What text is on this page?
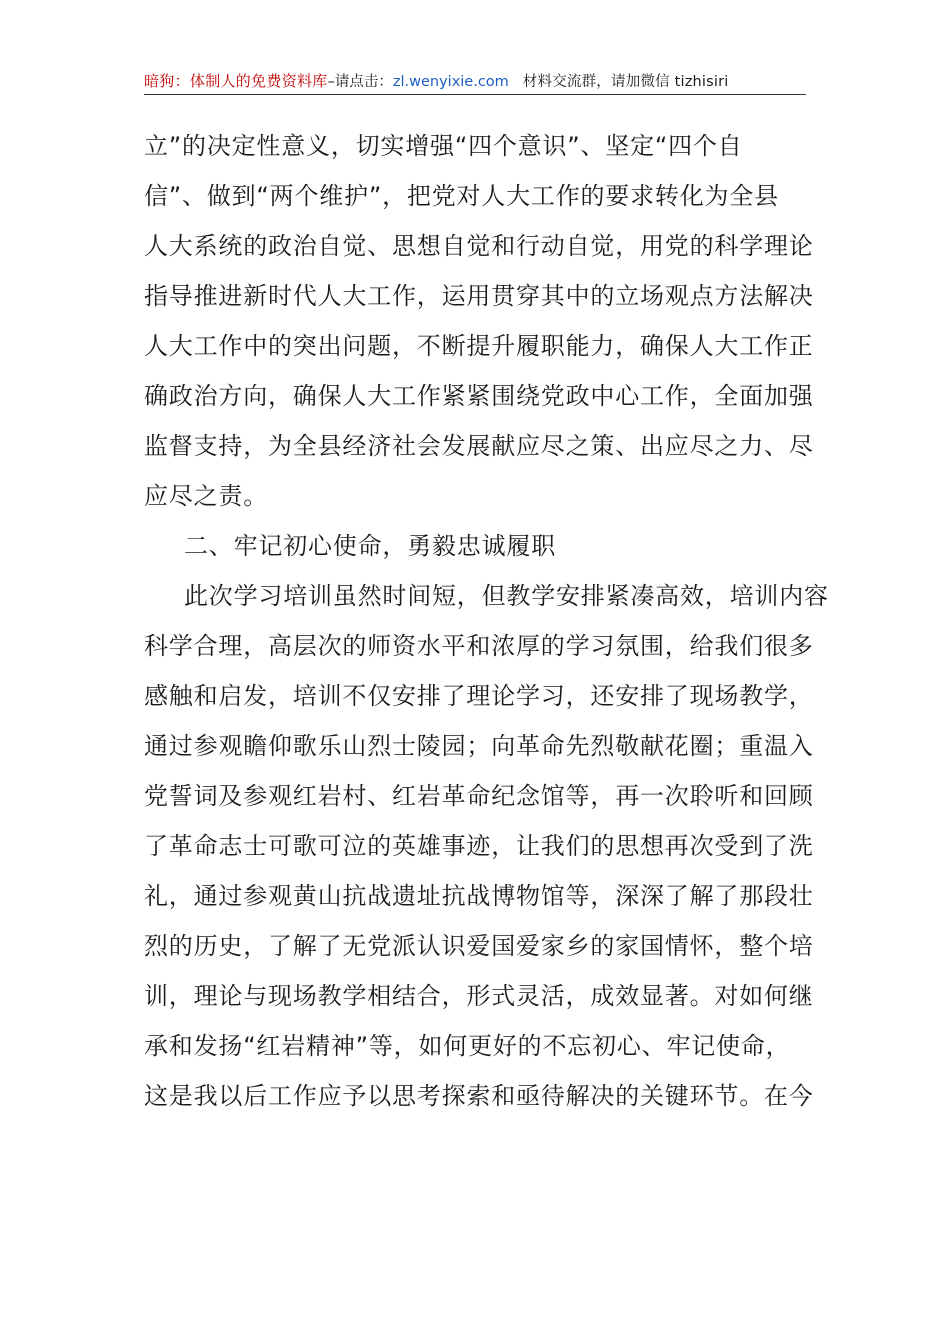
暗狗：体制人的免费资料库–请点击：zl.wenyixie.com 材料交流群，请加微信 tizhisiri
立”的决定性意义，切实增强“四个意识”、坚定“四个自
信”、做到“两个维护”，把党对人大工作的要求转化为全县
人大系统的政治自觉、思想自觉和行动自觉，用党的科学理论
指导推进新时代人大工作，运用贯穿其中的立场观点方法解决
人大工作中的突出问题，不断提升履职能力，确保人大工作正
确政治方向，确保人大工作紧紧围绕党政中心工作，全面加强
监督支持，为全县经济社会发展献应尽之策、出应尽之力、尽
应尽之责。
二、牢记初心使命，勇毅忠诚履职
此次学习培训虽然时间短，但教学安排紧凑高效，培训内容
科学合理，高层次的师资水平和浓厚的学习氛围，给我们很多
感触和启发，培训不仅安排了理论学习，还安排了现场教学，
通过参观瞻仰歌乐山烈士陵园；向革命先烈敬献花圈；重温入
党誓词及参观红岩村、红岩革命纪念馆等，再一次聆听和回顾
了革命志士可歌可泣的英雄事迹，让我们的思想再次受到了洗
礼，通过参观黄山抗战遗址抗战博物馆等，深深了解了那段壮
烈的历史，了解了无党派认识爱国爱家乡的家国情怀，整个培
训，理论与现场教学相结合，形式灵活，成效显著。对如何继
承和发扬“红岩精神”等，如何更好的不忘初心、牢记使命，
这是我以后工作应予以思考探索和亟待解决的关键环节。在今
